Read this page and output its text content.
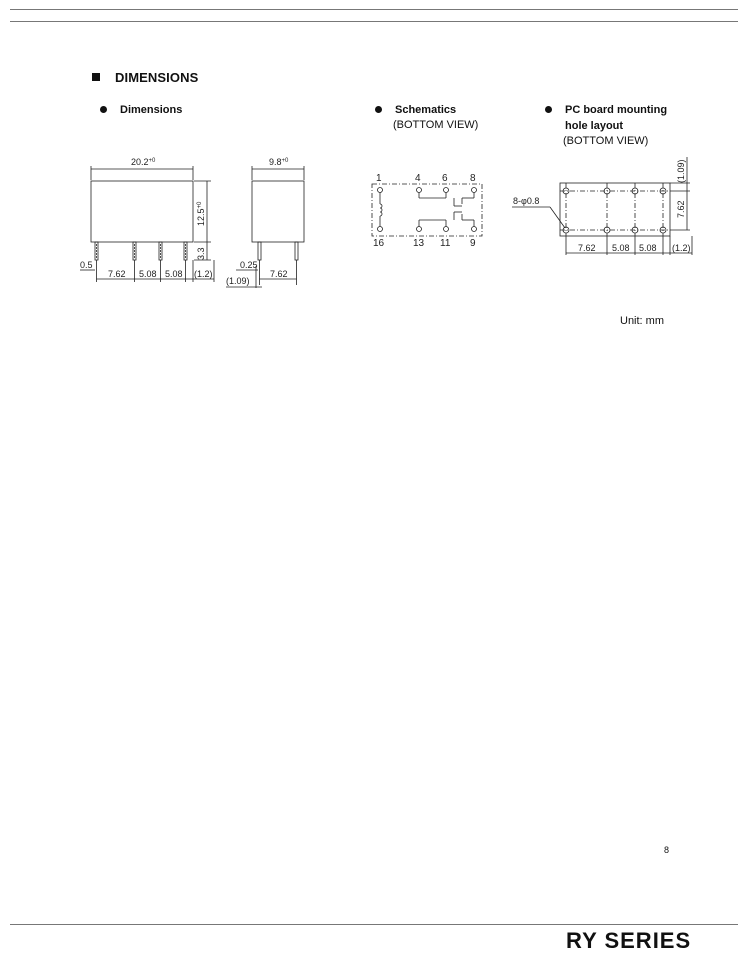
DIMENSIONS
Dimensions	Schematics
(BOTTOM VIEW)
PC board mounting
hole layout
(BOTTOM VIEW)
$20.2^{+0}$
$12.5^{+0}$
3.3
0.5
7.62 5.08 5.08 (1.2)
$9.8^{+0}$
0.25
(1.09)
7.62
1	4 6 8
16	13 11 9
8-φ0.8
(1.09)
7.62
7.62 5.08 5.08 (1.2)
Unit: mm
8
RY SERIES
